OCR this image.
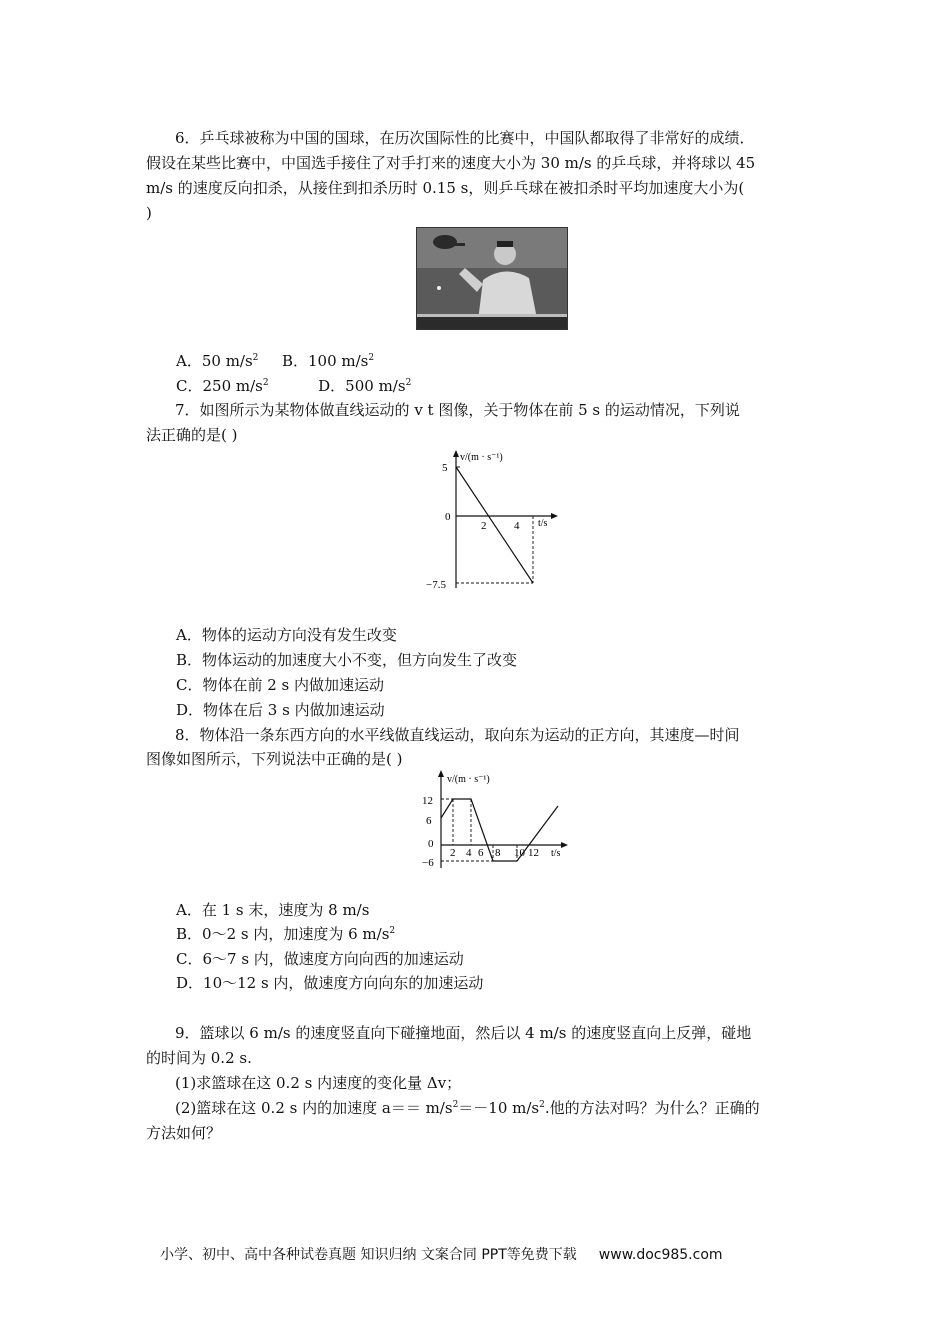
6．乒乓球被称为中国的国球，在历次国际性的比赛中，中国队都取得了非常好的成绩．
假设在某些比赛中，中国选手接住了对手打来的速度大小为 30 m/s 的乒乓球，并将球以 45
m/s 的速度反向扣杀，从接住到扣杀历时 0.15 s，则乒乓球在被扣杀时平均加速度大小为(
)
A．50 $m/s^2$ B．100 $m/s^2$
C．250 $m/s^2$	D．500 $m/s^2$
7．如图所示为某物体做直线运动的 v t 图像，关于物体在前 5 s 的运动情况，下列说
法正确的是( )
v/(m · s⁻¹)
5
0
−7.5
2	4 t/s
A．物体的运动方向没有发生改变
B．物体运动的加速度大小不变，但方向发生了改变
C．物体在前 2 s 内做加速运动
D．物体在后 3 s 内做加速运动
8．物体沿一条东西方向的水平线做直线运动，取向东为运动的正方向，其速度—时间
图像如图所示，下列说法中正确的是( )
v/(m · s⁻¹)
12
6
0
−6
2 4 6 8 10 12 t/s
A．在 1 s 末，速度为 8 m/s
B．0～2 s 内，加速度为 6 $m/s^2$
C．6～7 s 内，做速度方向向西的加速运动
D．10～12 s 内，做速度方向向东的加速运动
9．篮球以 6 m/s 的速度竖直向下碰撞地面，然后以 4 m/s 的速度竖直向上反弹，碰地
的时间为 0.2 s.
(1)求篮球在这 0.2 s 内速度的变化量 Δv；
(2)篮球在这 0.2 s 内的加速度 $a== m/s^2=-10$ $m/s^2$.他的方法对吗？为什么？正确的
方法如何？
小学、初中、高中各种试卷真题 知识归纳 文案合同 PPT等免费下载 www.doc985.com
